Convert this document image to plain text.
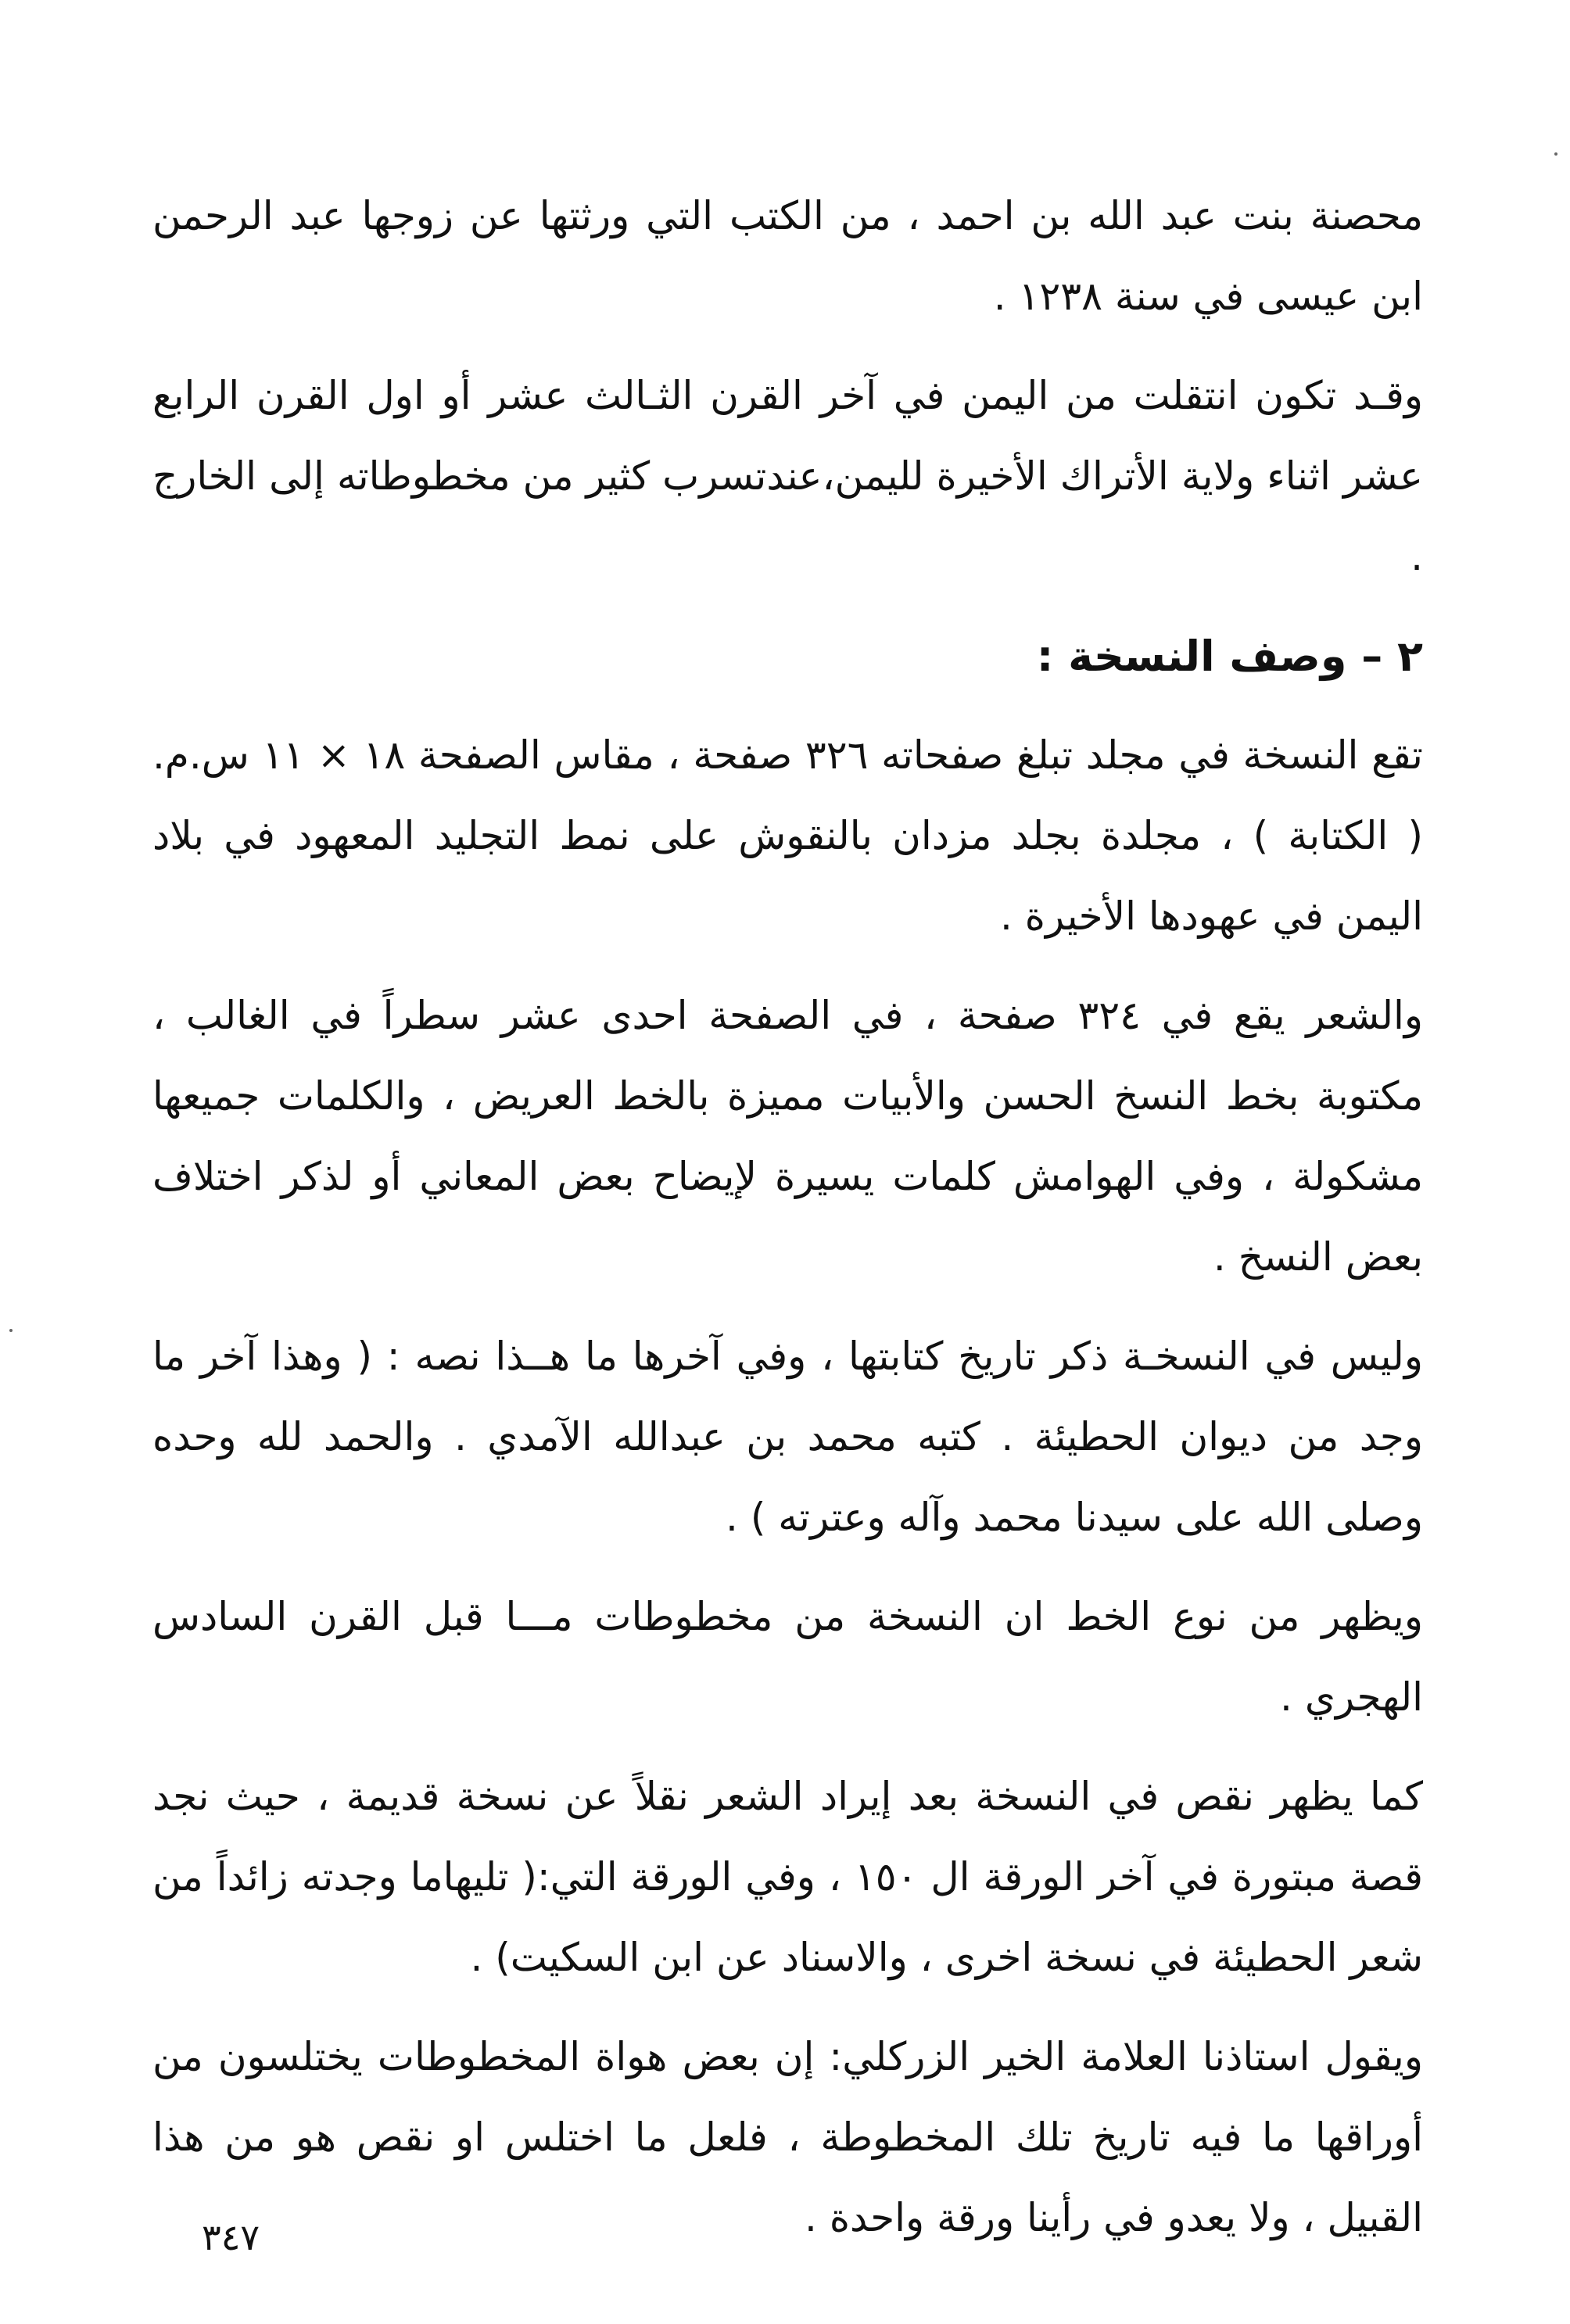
محصنة بنت عبد الله بن احمد ، من الكتب التي ورثتها عن زوجها عبد الرحمن ابن عيسى في سنة ١٢٣٨ .

وقـد تكون انتقلت من اليمن في آخر القرن الثـالث عشر أو اول القرن الرابع عشر اثناء ولاية الأتراك الأخيرة لليمن،عندتسرب كثير من مخطوطاته إلى الخارج .

٢ – وصف النسخة :

تقع النسخة في مجلد تبلغ صفحاته ٣٢٦ صفحة ، مقاس الصفحة ١٨ × ١١ س.م. ( الكتابة ) ، مجلدة بجلد مزدان بالنقوش على نمط التجليد المعهود في بلاد اليمن في عهودها الأخيرة .

والشعر يقع في ٣٢٤ صفحة ، في الصفحة احدى عشر سطراً في الغالب ، مكتوبة بخط النسخ الحسن والأبيات مميزة بالخط العريض ، والكلمات جميعها مشكولة ، وفي الهوامش كلمات يسيرة لإيضاح بعض المعاني أو لذكر اختلاف بعض النسخ .

وليس في النسخـة ذكر تاريخ كتابتها ، وفي آخرها ما هــذا نصه : ( وهذا آخر ما وجد من ديوان الحطيئة . كتبه محمد بن عبدالله الآمدي . والحمد لله وحده وصلى الله على سيدنا محمد وآله وعترته ) .

ويظهر من نوع الخط ان النسخة من مخطوطات مـــا قبل القرن السادس الهجري .

كما يظهر نقص في النسخة بعد إيراد الشعر نقلاً عن نسخة قديمة ، حيث نجد قصة مبتورة في آخر الورقة ال ١٥٠ ، وفي الورقة التي:( تليهاما وجدته زائداً من شعر الحطيئة في نسخة اخرى ، والاسناد عن ابن السكيت) .

ويقول استاذنا العلامة الخير الزركلي: إن بعض هواة المخطوطات يختلسون من أوراقها ما فيه تاريخ تلك المخطوطة ، فلعل ما اختلس او نقص هو من هذا القبيل ، ولا يعدو في رأينا ورقة واحدة .

٣٤٧
